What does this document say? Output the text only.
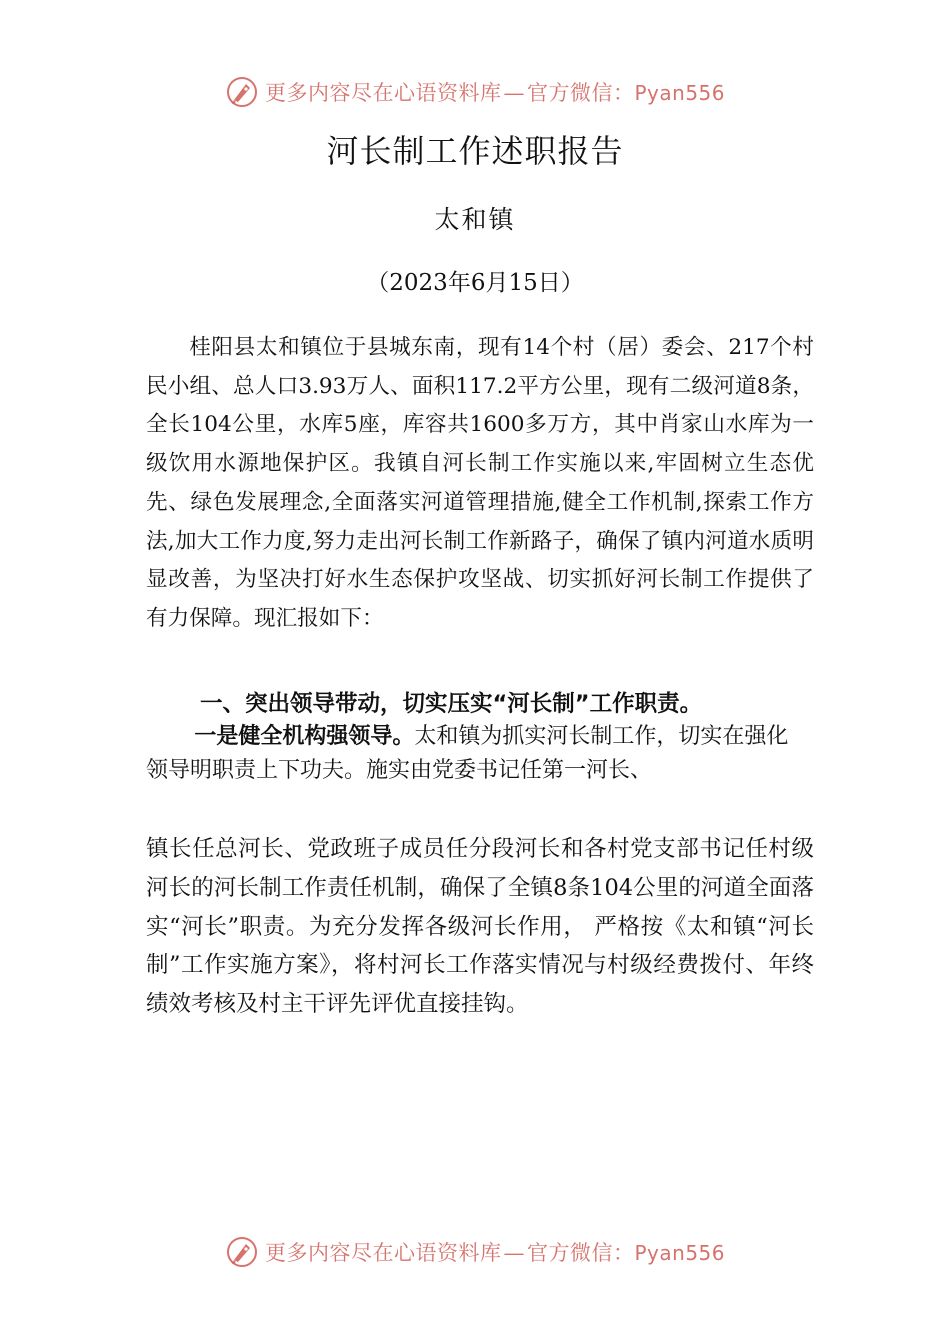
更多内容尽在心语资料库—官方微信：Pyan556
河长制工作述职报告
太和镇
（2023年6月15日）
桂阳县太和镇位于县城东南，现有14个村（居）委会、217个村民小组、总人口3.93万人、面积117.2平方公里，现有二级河道8条，全长104公里，水库5座，库容共1600多万方，其中肖家山水库为一级饮用水源地保护区。我镇自河长制工作实施以来,牢固树立生态优先、绿色发展理念,全面落实河道管理措施,健全工作机制,探索工作方法,加大工作力度,努力走出河长制工作新路子，确保了镇内河道水质明显改善，为坚决打好水生态保护攻坚战、切实抓好河长制工作提供了有力保障。现汇报如下：
一、突出领导带动，切实压实“河长制”工作职责。
一是健全机构强领导。太和镇为抓实河长制工作，切实在强化领导明职责上下功夫。施实由党委书记任第一河长、
镇长任总河长、党政班子成员任分段河长和各村党支部书记任村级河长的河长制工作责任机制，确保了全镇8条104公里的河道全面落实“河长”职责。为充分发挥各级河长作用， 严格按《太和镇“河长制”工作实施方案》，将村河长工作落实情况与村级经费拨付、年终绩效考核及村主干评先评优直接挂钩。
更多内容尽在心语资料库—官方微信：Pyan556
